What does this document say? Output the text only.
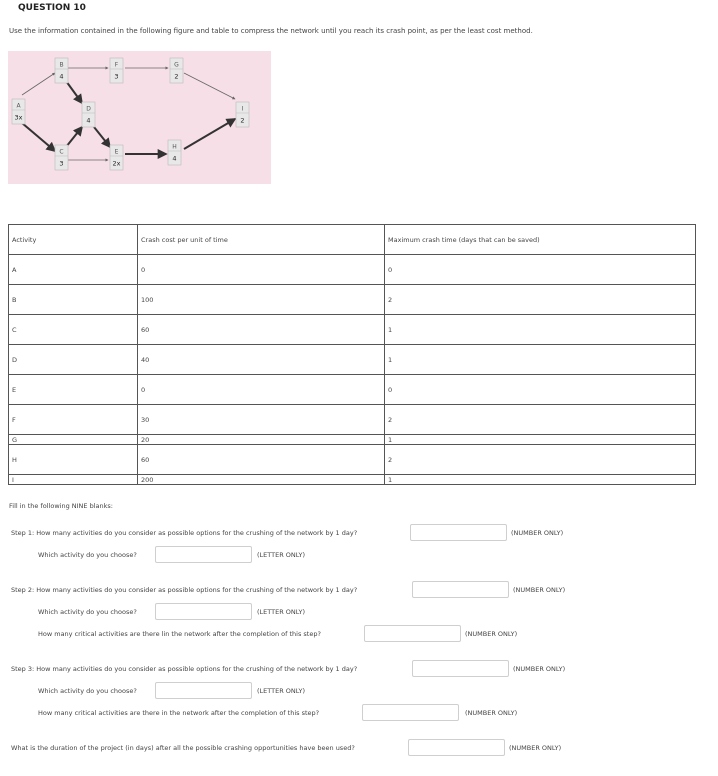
QUESTION 10
Use the information contained in the following figure and table to compress the network until you reach its crash point, as per the least cost method.
A
3x
B
4
C
3
D
4
E
2x
F
3
G
2
H
4
I
2
Activity	Crash cost per unit of time	Maximum crash time (days that can be saved)
A	0	0
B	100	2
C	60	1
D	40	1
E	0	0
F	30	2
G	20	1
H	60	2
I	200	1
Fill in the following NINE blanks:
Step 1: How many activities do you consider as possible options for the crushing of the network by 1 day?	(NUMBER ONLY)
Which activity do you choose?	(LETTER ONLY)
Step 2: How many activities do you consider as possible options for the crushing of the network by 1 day?	(NUMBER ONLY)
Which activity do you choose?	(LETTER ONLY)
How many critical activities are there lin the network after the completion of this step?	(NUMBER ONLY)
Step 3: How many activities do you consider as possible options for the crushing of the network by 1 day?	(NUMBER ONLY)
Which activity do you choose?	(LETTER ONLY)
How many critical activities are there in the network after the completion of this step?	(NUMBER ONLY)
What is the duration of the project (in days) after all the possible crashing opportunities have been used?	(NUMBER ONLY)
